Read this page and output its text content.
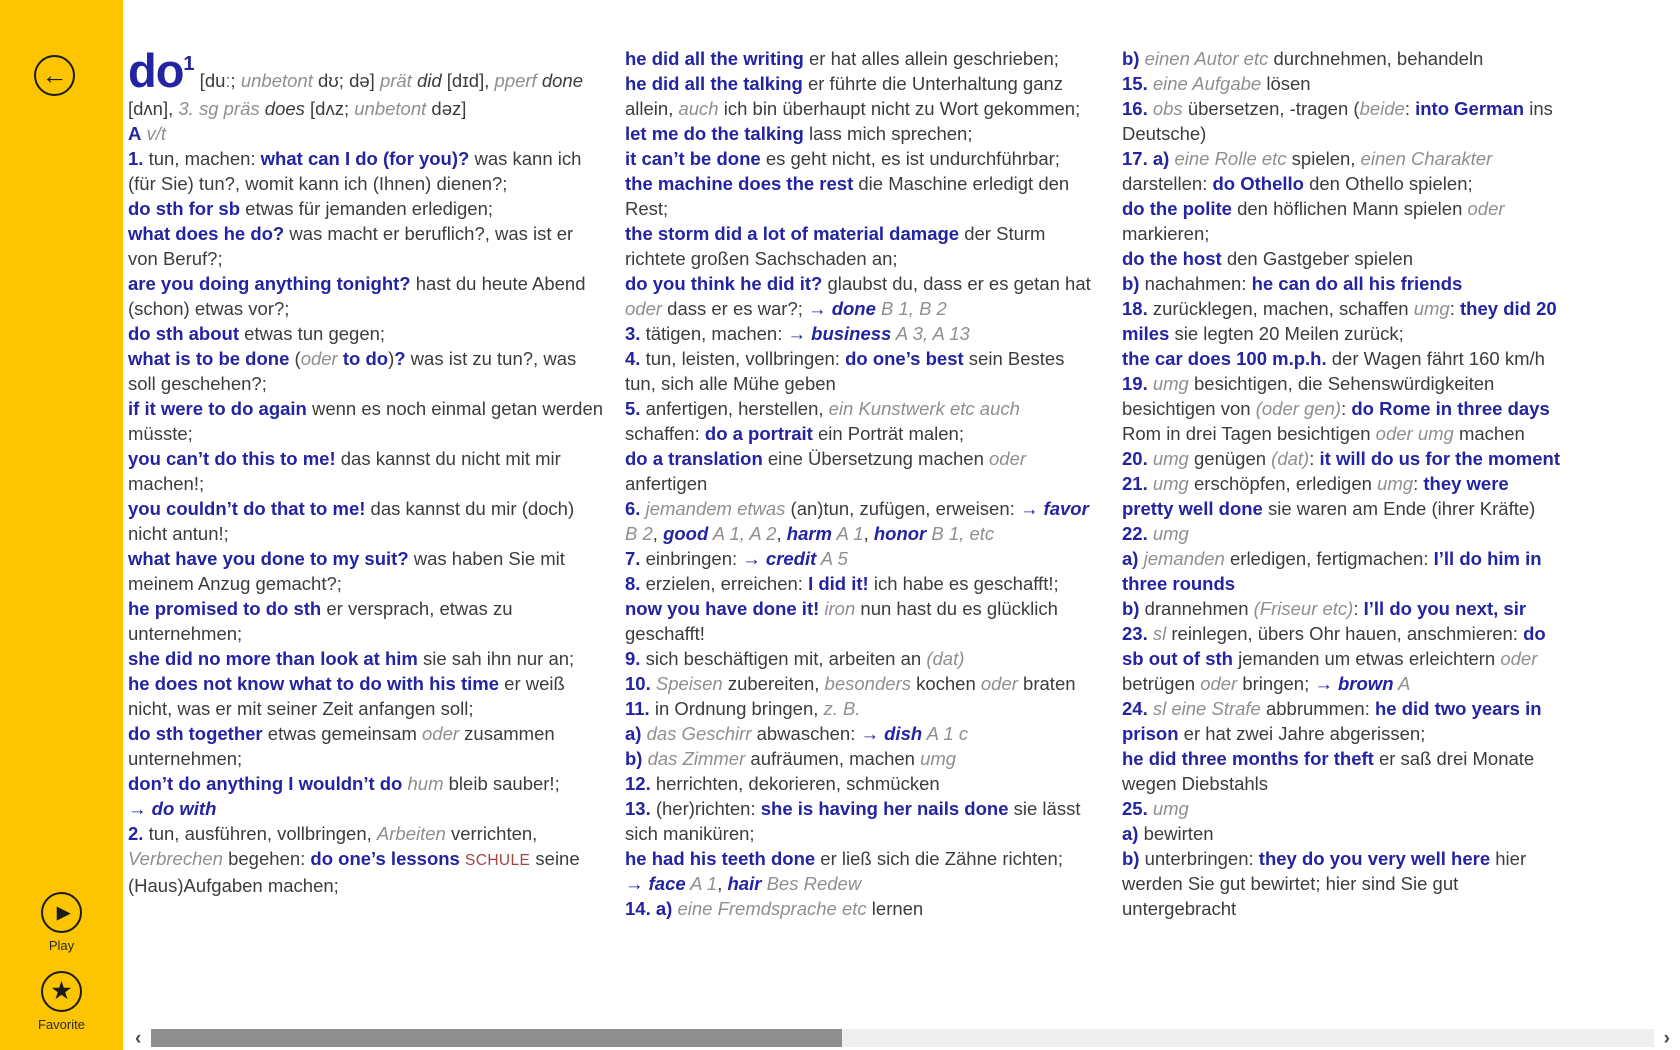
←
▶
Play
★
Favorite

do1 [duː; unbetont dʊ; də] prät did [dɪd], pperf done [dʌn], 3. sg präs does [dʌz; unbetont dəz]

A v/t

1. tun, machen: what can I do (for you)? was kann ich (für Sie) tun?, womit kann ich (Ihnen) dienen?;

do sth for sb etwas für jemanden erledigen;

what does he do? was macht er beruflich?, was ist er von Beruf?;

are you doing anything tonight? hast du heute Abend (schon) etwas vor?;

do sth about etwas tun gegen;

what is to be done (oder to do)? was ist zu tun?, was soll geschehen?;

if it were to do again wenn es noch einmal getan werden müsste;

you can’t do this to me! das kannst du nicht mit mir machen!;

you couldn’t do that to me! das kannst du mir (doch) nicht antun!;

what have you done to my suit? was haben Sie mit meinem Anzug gemacht?;

he promised to do sth er versprach, etwas zu unternehmen;

she did no more than look at him sie sah ihn nur an;

he does not know what to do with his time er weiß nicht, was er mit seiner Zeit anfangen soll;

do sth together etwas gemeinsam oder zusammen unternehmen;

don’t do anything I wouldn’t do hum bleib sauber!;

→ do with

2. tun, ausführen, vollbringen, Arbeiten verrichten, Verbrechen begehen: do one’s lessons SCHULE seine (Haus)Aufgaben machen;

he did all the writing er hat alles allein geschrieben;

he did all the talking er führte die Unterhaltung ganz allein, auch ich bin überhaupt nicht zu Wort gekommen;

let me do the talking lass mich sprechen;

it can’t be done es geht nicht, es ist undurchführbar;

the machine does the rest die Maschine erledigt den Rest;

the storm did a lot of material damage der Sturm richtete großen Sachschaden an;

do you think he did it? glaubst du, dass er es getan hat oder dass er es war?; → done B 1, B 2

3. tätigen, machen: → business A 3, A 13

4. tun, leisten, vollbringen: do one’s best sein Bestes tun, sich alle Mühe geben

5. anfertigen, herstellen, ein Kunstwerk etc auch schaffen: do a portrait ein Porträt malen;

do a translation eine Übersetzung machen oder anfertigen

6. jemandem etwas (an)tun, zufügen, erweisen: → favor B 2, good A 1, A 2, harm A 1, honor B 1, etc

7. einbringen: → credit A 5

8. erzielen, erreichen: I did it! ich habe es geschafft!;

now you have done it! iron nun hast du es glücklich geschafft!

9. sich beschäftigen mit, arbeiten an (dat)

10. Speisen zubereiten, besonders kochen oder braten

11. in Ordnung bringen, z. B.

a) das Geschirr abwaschen: → dish A 1 c

b) das Zimmer aufräumen, machen umg

12. herrichten, dekorieren, schmücken

13. (her)richten: she is having her nails done sie lässt sich maniküren;

he had his teeth done er ließ sich die Zähne richten;

→ face A 1, hair Bes Redew

14. a) eine Fremdsprache etc lernen

b) einen Autor etc durchnehmen, behandeln

15. eine Aufgabe lösen

16. obs übersetzen, -tragen (beide: into German ins Deutsche)

17. a) eine Rolle etc spielen, einen Charakter darstellen: do Othello den Othello spielen;

do the polite den höflichen Mann spielen oder markieren;

do the host den Gastgeber spielen

b) nachahmen: he can do all his friends

18. zurücklegen, machen, schaffen umg: they did 20 miles sie legten 20 Meilen zurück;

the car does 100 m.p.h. der Wagen fährt 160 km/h

19. umg besichtigen, die Sehenswürdigkeiten besichtigen von (oder gen): do Rome in three days Rom in drei Tagen besichtigen oder umg machen

20. umg genügen (dat): it will do us for the moment

21. umg erschöpfen, erledigen umg: they were pretty well done sie waren am Ende (ihrer Kräfte)

22. umg

a) jemanden erledigen, fertigmachen: I’ll do him in three rounds

b) drannehmen (Friseur etc): I’ll do you next, sir

23. sl reinlegen, übers Ohr hauen, anschmieren: do sb out of sth jemanden um etwas erleichtern oder betrügen oder bringen; → brown A

24. sl eine Strafe abbrummen: he did two years in prison er hat zwei Jahre abgerissen;

he did three months for theft er saß drei Monate wegen Diebstahls

25. umg

a) bewirten

b) unterbringen: they do you very well here hier werden Sie gut bewirtet; hier sind Sie gut untergebracht

‹	›
